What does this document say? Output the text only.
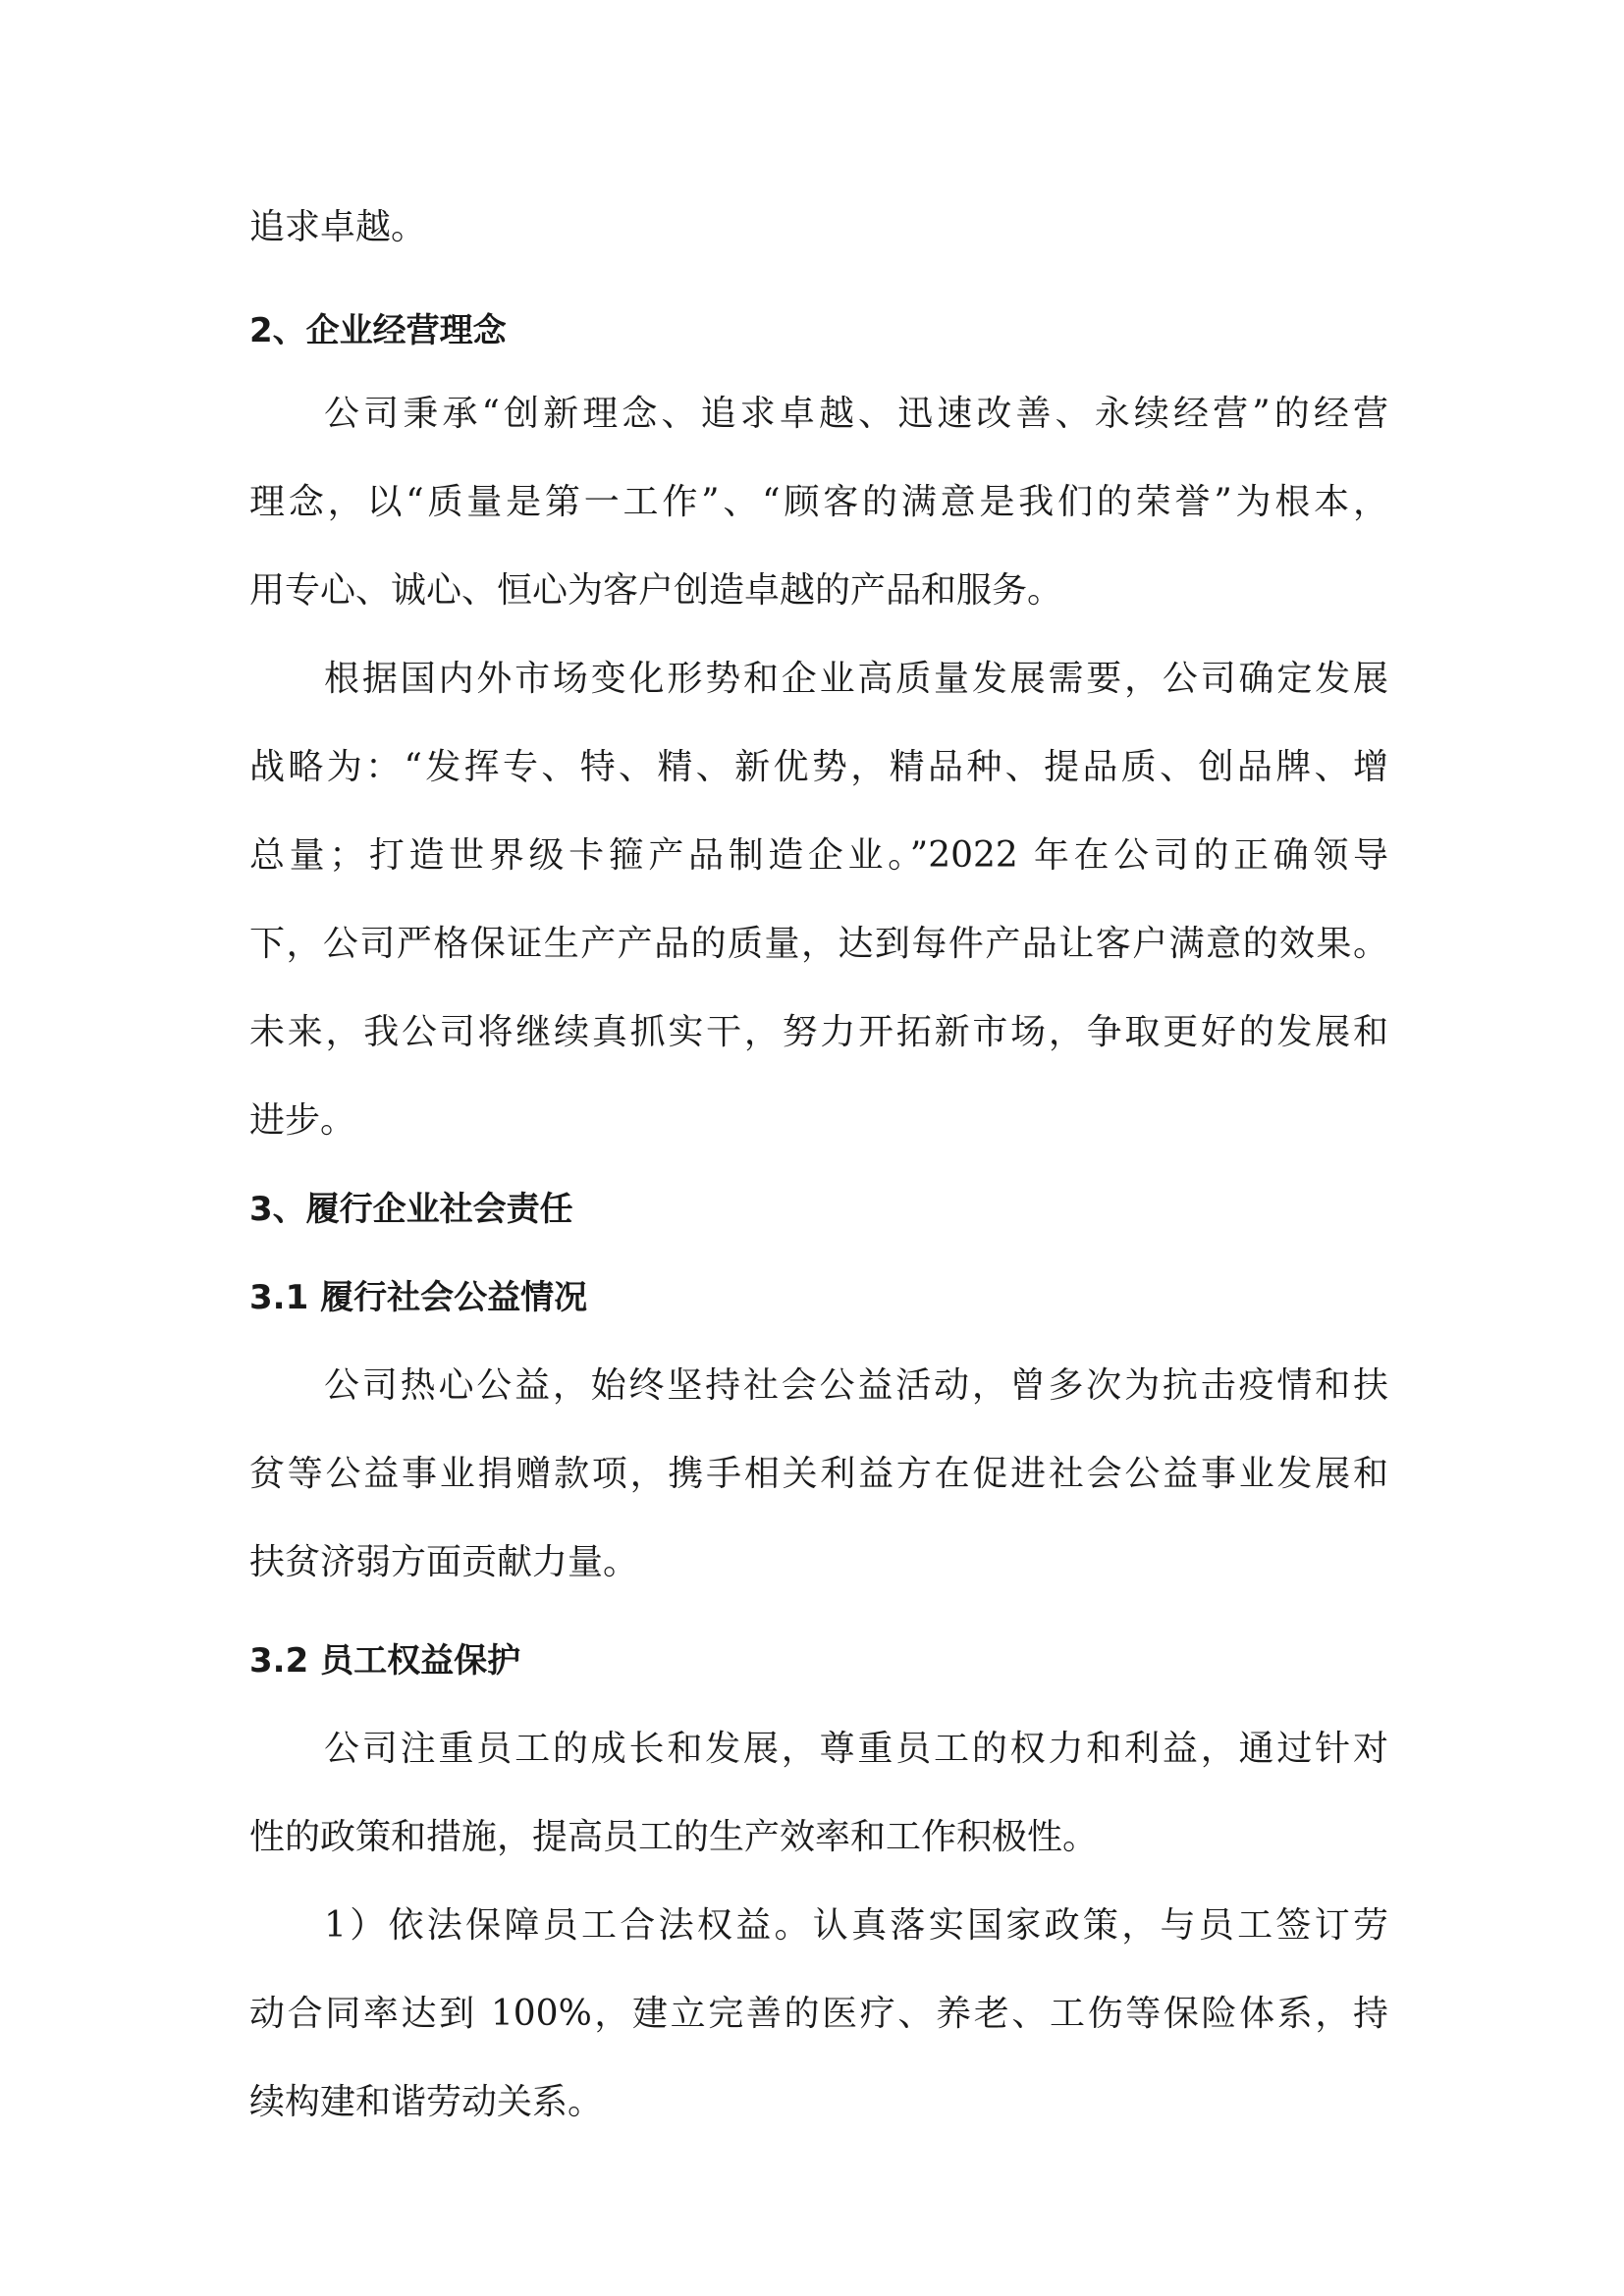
追求卓越。
2、企业经营理念
公司秉承“创新理念、追求卓越、迅速改善、永续经营”的经营
理念，以“质量是第一工作”、“顾客的满意是我们的荣誉”为根本，
用专心、诚心、恒心为客户创造卓越的产品和服务。
根据国内外市场变化形势和企业高质量发展需要，公司确定发展
战略为：“发挥专、特、精、新优势，精品种、提品质、创品牌、增
总量；打造世界级卡箍产品制造企业。”2022 年在公司的正确领导
下，公司严格保证生产产品的质量，达到每件产品让客户满意的效果。
未来，我公司将继续真抓实干，努力开拓新市场，争取更好的发展和
进步。
3、履行企业社会责任
3.1 履行社会公益情况
公司热心公益，始终坚持社会公益活动，曾多次为抗击疫情和扶
贫等公益事业捐赠款项，携手相关利益方在促进社会公益事业发展和
扶贫济弱方面贡献力量。
3.2 员工权益保护
公司注重员工的成长和发展，尊重员工的权力和利益，通过针对
性的政策和措施，提高员工的生产效率和工作积极性。
1）依法保障员工合法权益。认真落实国家政策，与员工签订劳
动合同率达到 100%，建立完善的医疗、养老、工伤等保险体系，持
续构建和谐劳动关系。
